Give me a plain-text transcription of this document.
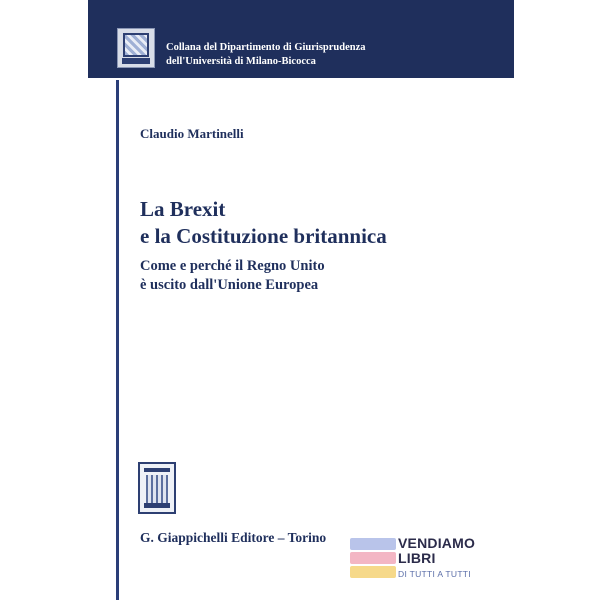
Collana del Dipartimento di Giurisprudenza
dell'Università di Milano-Bicocca
Claudio Martinelli
La Brexit
e la Costituzione britannica
Come e perché il Regno Unito
è uscito dall'Unione Europea
G. Giappichelli Editore – Torino	VENDIAMO
LIBRI
DI TUTTI A TUTTI
